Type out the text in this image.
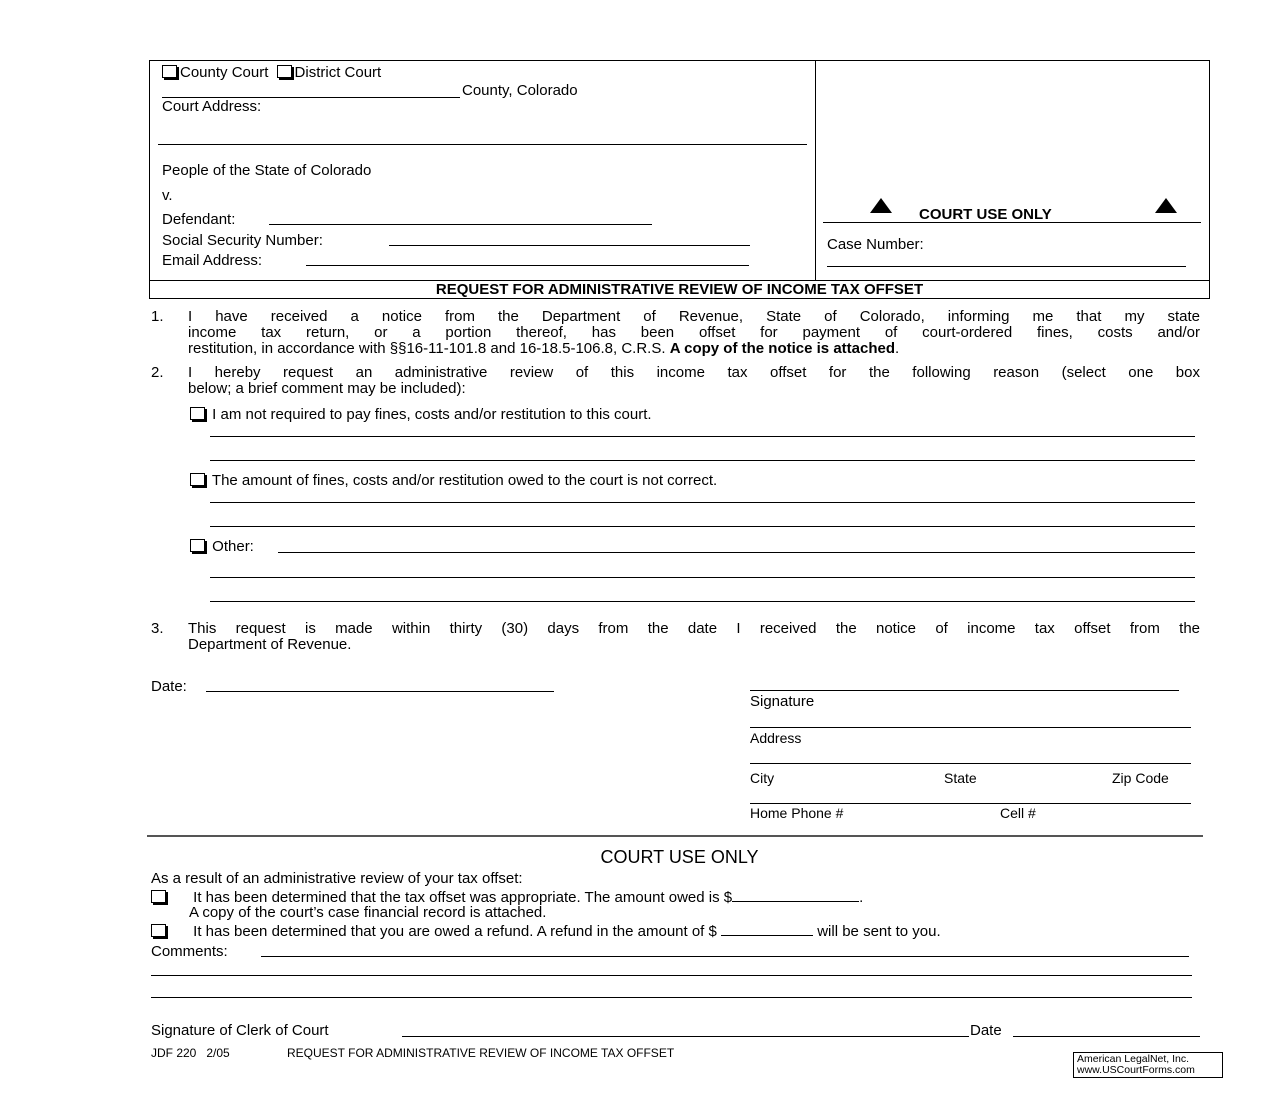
County Court District Court
County, Colorado
Court Address:
People of the State of Colorado
v.
Defendant:
Social Security Number:
Email Address:
COURT USE ONLY
Case Number:
REQUEST FOR ADMINISTRATIVE REVIEW OF INCOME TAX OFFSET
1. I have received a notice from the Department of Revenue, State of Colorado, informing me that my state
income tax return, or a portion thereof, has been offset for payment of court-ordered fines, costs and/or
restitution, in accordance with §§16-11-101.8 and 16-18.5-106.8, C.R.S. A copy of the notice is attached.
2. I hereby request an administrative review of this income tax offset for the following reason (select one box
below; a brief comment may be included):
I am not required to pay fines, costs and/or restitution to this court.
The amount of fines, costs and/or restitution owed to the court is not correct.
Other:
3. This request is made within thirty (30) days from the date I received the notice of income tax offset from the
Department of Revenue.
Date:
Signature
Address
City	State	Zip Code
Home Phone #	Cell #
COURT USE ONLY
As a result of an administrative review of your tax offset:
It has been determined that the tax offset was appropriate. The amount owed is $	.
A copy of the court’s case financial record is attached.
It has been determined that you are owed a refund. A refund in the amount of $	will be sent to you.
Comments:
Signature of Clerk of Court	Date
JDF 220   2/05	REQUEST FOR ADMINISTRATIVE REVIEW OF INCOME TAX OFFSET	American LegalNet, Inc.
www.USCourtForms.com
